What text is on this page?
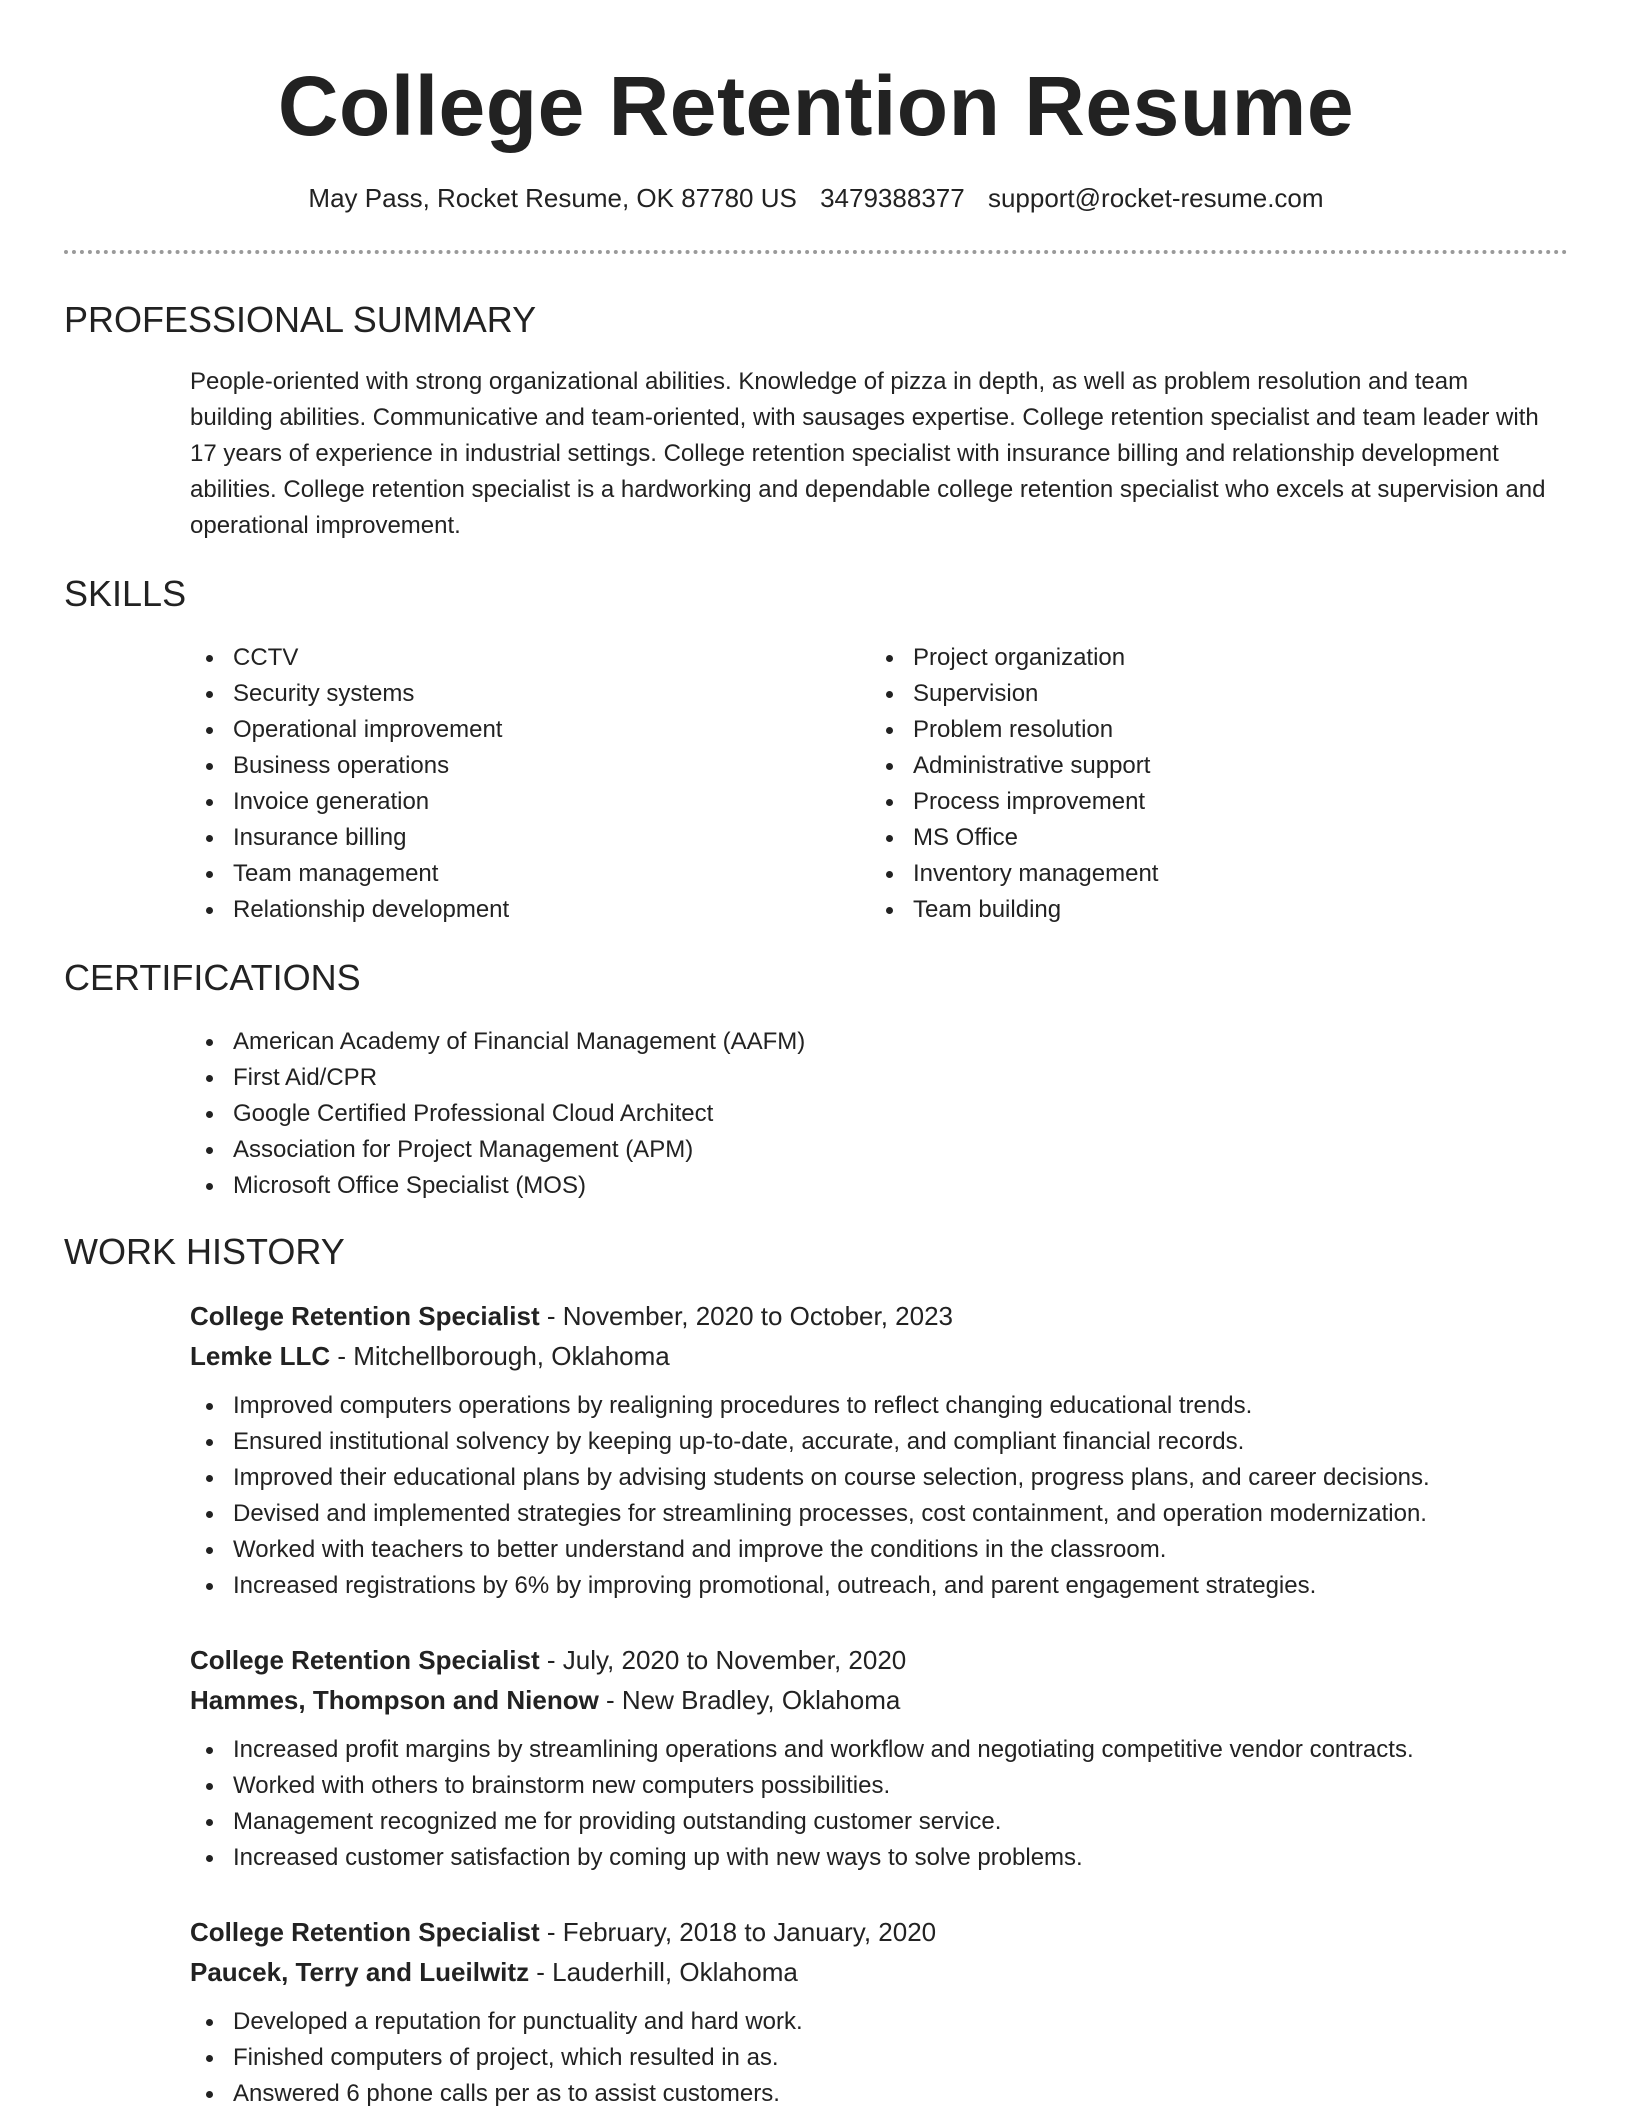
College Retention Resume
May Pass, Rocket Resume, OK 87780 US 3479388377 support@rocket-resume.com
PROFESSIONAL SUMMARY

People-oriented with strong organizational abilities. Knowledge of pizza in depth, as well as problem resolution and team building abilities. Communicative and team-oriented, with sausages expertise. College retention specialist and team leader with 17 years of experience in industrial settings. College retention specialist with insurance billing and relationship development abilities. College retention specialist is a hardworking and dependable college retention specialist who excels at supervision and operational improvement.

SKILLS
CCTV
Security systems
Operational improvement
Business operations
Invoice generation
Insurance billing
Team management
Relationship development
Project organization
Supervision
Problem resolution
Administrative support
Process improvement
MS Office
Inventory management
Team building
CERTIFICATIONS
American Academy of Financial Management (AAFM)
First Aid/CPR
Google Certified Professional Cloud Architect
Association for Project Management (APM)
Microsoft Office Specialist (MOS)
WORK HISTORY
College Retention Specialist - November, 2020 to October, 2023
Lemke LLC - Mitchellborough, Oklahoma
Improved computers operations by realigning procedures to reflect changing educational trends.
Ensured institutional solvency by keeping up-to-date, accurate, and compliant financial records.
Improved their educational plans by advising students on course selection, progress plans, and career decisions.
Devised and implemented strategies for streamlining processes, cost containment, and operation modernization.
Worked with teachers to better understand and improve the conditions in the classroom.
Increased registrations by 6% by improving promotional, outreach, and parent engagement strategies.
College Retention Specialist - July, 2020 to November, 2020
Hammes, Thompson and Nienow - New Bradley, Oklahoma
Increased profit margins by streamlining operations and workflow and negotiating competitive vendor contracts.
Worked with others to brainstorm new computers possibilities.
Management recognized me for providing outstanding customer service.
Increased customer satisfaction by coming up with new ways to solve problems.
College Retention Specialist - February, 2018 to January, 2020
Paucek, Terry and Lueilwitz - Lauderhill, Oklahoma
Developed a reputation for punctuality and hard work.
Finished computers of project, which resulted in as.
Answered 6 phone calls per as to assist customers.
